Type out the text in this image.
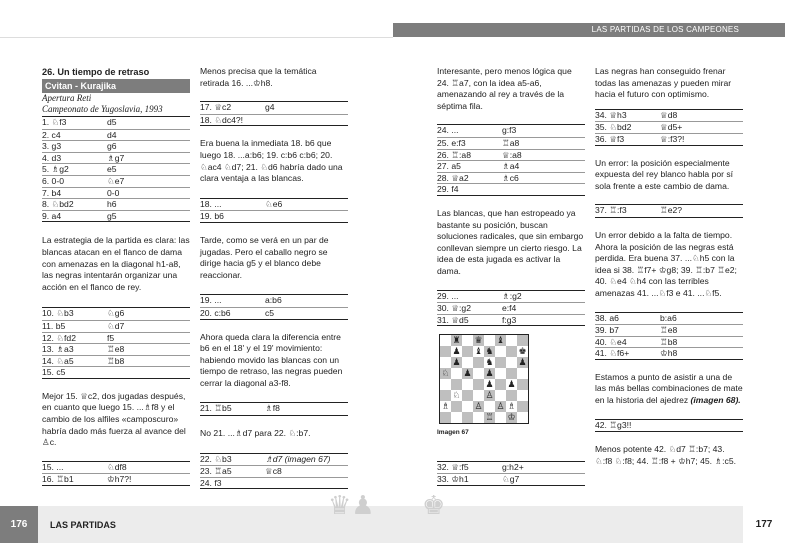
LAS PARTIDAS DE LOS CAMPEONES
26. Un tiempo de retraso
Cvitan - Kurajika
Apertura Reti
Campeonato de Yugoslavia, 1993
1. ♘f3	d5
2. c4	d4
3. g3	g6
4. d3	♗g7
5. ♗g2	e5
6. 0-0	♘e7
7. b4	0-0
8. ♘bd2	h6
9. a4	g5
La estrategia de la partida es clara: las blancas atacan en el flanco de dama con amenazas en la diagonal h1-a8, las negras intentarán organizar una acción en el flanco de rey.
10. ♘b3	♘g6
11. b5	♘d7
12. ♘fd2	f5
13. ♗a3	♖e8
14. ♘a5	♖b8
15. c5
Mejor 15. ♕c2, dos jugadas después, en cuanto que luego 15. ...♗f8 y el cambio de los alfiles «camposcuro» habría dado más fuerza al avance del ♙c.
15. ...	♘df8
16. ♖b1	♔h7?!
Menos precisa que la temática retirada 16. ...♔h8.
17. ♕c2	g4
18. ♘dc4?!
Era buena la inmediata 18. b6 que luego 18. ...a:b6; 19. c:b6 c:b6; 20. ♘ac4 ♘d7; 21. ♘d6 habría dado una clara ventaja a las blancas.
18. ...	♘e6
19. b6
Tarde, como se verá en un par de jugadas. Pero el caballo negro se dirige hacia g5 y el blanco debe reaccionar.
19. ...	a:b6
20. c:b6	c5
Ahora queda clara la diferencia entre b6 en el 18' y el 19' movimiento: habiendo movido las blancas con un tiempo de retraso, las negras pueden cerrar la diagonal a3-f8.
21. ♖b5	♗f8
No 21. ...♗d7 para 22. ♘:b7.
22. ♘b3	♗d7 (imagen 67)
23. ♖a5	♕c8
24. f3
Interesante, pero menos lógica que 24. ♖a7, con la idea a5-a6, amenazando al rey a través de la séptima fila.
24. ...	g:f3
25. e:f3	♖a8
26. ♖:a8	♕:a8
27. a5	♗a4
28. ♕a2	♗c6
29. f4
Las blancas, que han estropeado ya bastante su posición, buscan soluciones radicales, que sin embargo conllevan siempre un cierto riesgo. La idea de esta jugada es activar la dama.
29. ...	♗:g2
30. ♕:g2	e:f4
31. ♕d5	f:g3
♜ ♛ ♝
♟ ♝ ♞	♚
♟	♞	♟
♘ ♟ ♟
♟ ♟
♘	♙
♗	♙ ♙ ♗
♖ ♔
Imagen 67
32. ♕:f5	g:h2+
33. ♔h1	♘g7
Las negras han conseguido frenar todas las amenazas y pueden mirar hacia el futuro con optimismo.
34. ♕h3	♕d8
35. ♘bd2	♕d5+
36. ♕f3	♕:f3?!
Un error: la posición especialmente expuesta del rey blanco habla por sí sola frente a este cambio de dama.
37. ♖:f3	♖e2?
Un error debido a la falta de tiempo. Ahora la posición de las negras está perdida. Era buena 37. ...♘h5 con la idea si 38. ♖f7+ ♔g8; 39. ♖:b7 ♖e2; 40. ♘e4 ♘h4 con las terribles amenazas 41. ...♘f3 e 41. ...♘f5.
38. a6	b:a6
39. b7	♖e8
40. ♘e4	♖b8
41. ♘f6+	♔h8
Estamos a punto de asistir a una de las más bellas combinaciones de mate en la historia del ajedrez (imagen 68).
42. ♖g3!!
Menos potente 42. ♘d7 ♖:b7; 43. ♘:f8 ♘:f8; 44. ♖:f8 + ♔h7; 45. ♗:c5.
176	LAS PARTIDAS	177
♛♟ ♚
